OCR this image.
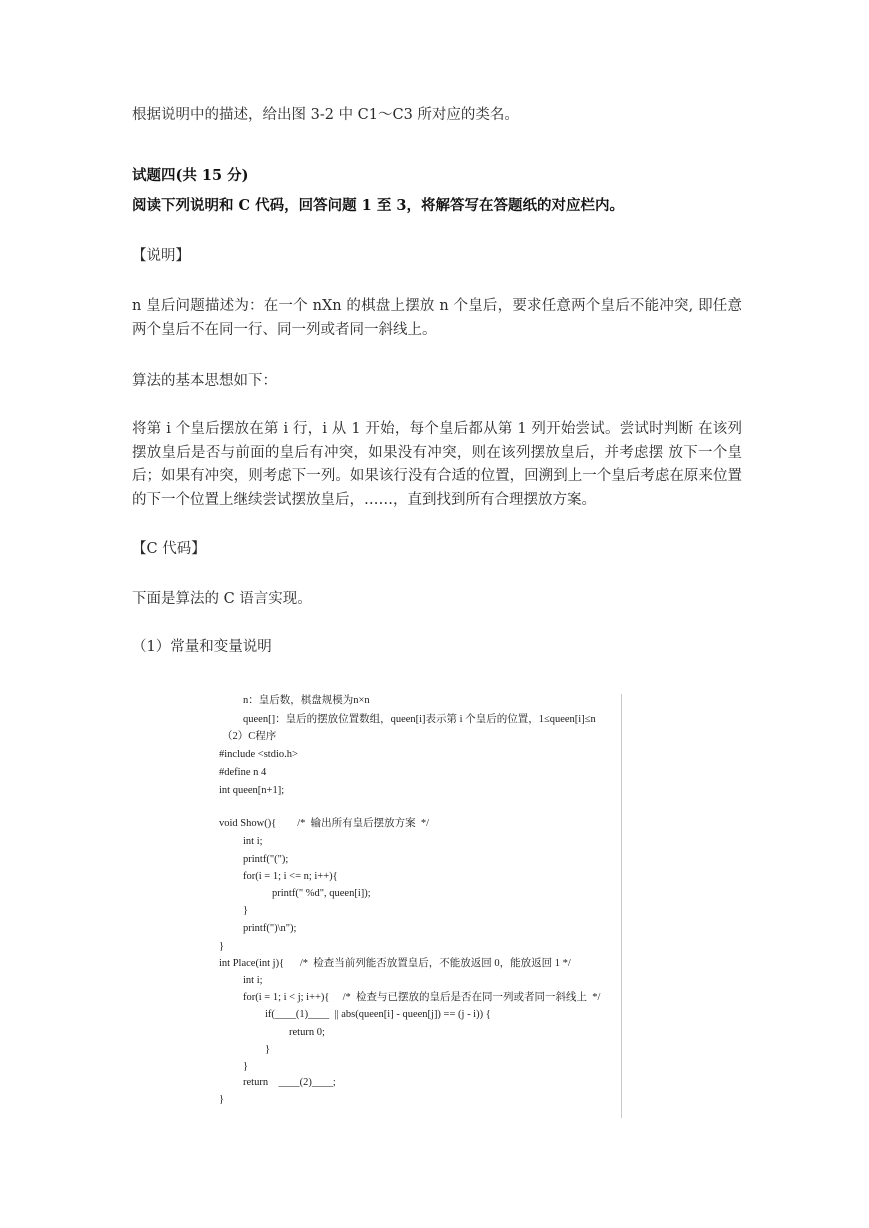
根据说明中的描述，给出图 3-2 中 C1～C3 所对应的类名。

试题四(共 15 分)

阅读下列说明和 C 代码，回答问题 1 至 3，将解答写在答题纸的对应栏内。

【说明】

n 皇后问题描述为：在一个 nXn 的棋盘上摆放 n 个皇后，要求任意两个皇后不能冲突, 即任意两个皇后不在同一行、同一列或者同一斜线上。

算法的基本思想如下：

将第 i 个皇后摆放在第 i 行，i 从 1 开始，每个皇后都从第 1 列开始尝试。尝试时判断 在该列摆放皇后是否与前面的皇后有冲突，如果没有冲突，则在该列摆放皇后，并考虑摆 放下一个皇后；如果有冲突，则考虑下一列。如果该行没有合适的位置，回溯到上一个皇后考虑在原来位置的下一个位置上继续尝试摆放皇后，……，直到找到所有合理摆放方案。

【C 代码】

下面是算法的 C 语言实现。

（1）常量和变量说明

n：皇后数，棋盘规模为n×n
queen[]：皇后的摆放位置数组，queen[i]表示第 i 个皇后的位置，1≤queen[i]≤n
（2）C程序
#include <stdio.h>
#define n 4
int queen[n+1];
void Show(){        /*  输出所有皇后摆放方案  */
int i;
printf("(");
for(i = 1; i <= n; i++){
printf(" %d", queen[i]);
}
printf(")\n");
}
int Place(int j){      /*  检查当前列能否放置皇后，不能放返回 0，能放返回 1 */
int i;
for(i = 1; i < j; i++){     /*  检查与已摆放的皇后是否在同一列或者同一斜线上  */
if(____(1)____  || abs(queen[i] - queen[j]) == (j - i)) {
return 0;
}
}
return    ____(2)____;
}
